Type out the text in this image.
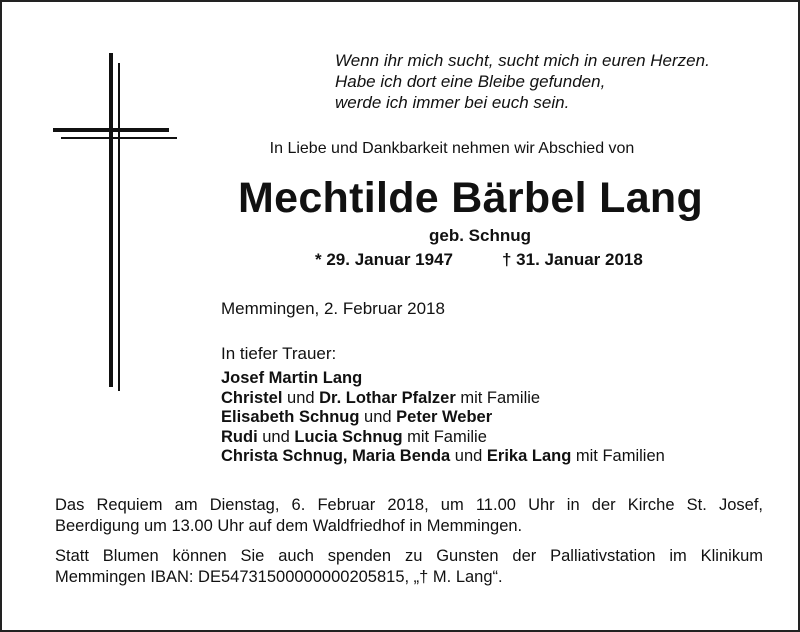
Wenn ihr mich sucht, sucht mich in euren Herzen.
Habe ich dort eine Bleibe gefunden,
werde ich immer bei euch sein.
In Liebe und Dankbarkeit nehmen wir Abschied von
Mechtilde Bärbel Lang
geb. Schnug
* 29. Januar 1947	† 31. Januar 2018
Memmingen, 2. Februar 2018
In tiefer Trauer:
Josef Martin Lang
Christel und Dr. Lothar Pfalzer mit Familie
Elisabeth Schnug und Peter Weber
Rudi und Lucia Schnug mit Familie
Christa Schnug, Maria Benda und Erika Lang mit Familien
Das Requiem am Dienstag, 6. Februar 2018, um 11.00 Uhr in der Kirche St. Josef,
Beerdigung um 13.00 Uhr auf dem Waldfriedhof in Memmingen.
Statt Blumen können Sie auch spenden zu Gunsten der Palliativstation im Klinikum
Memmingen IBAN: DE54731500000000205815, „† M. Lang“.
